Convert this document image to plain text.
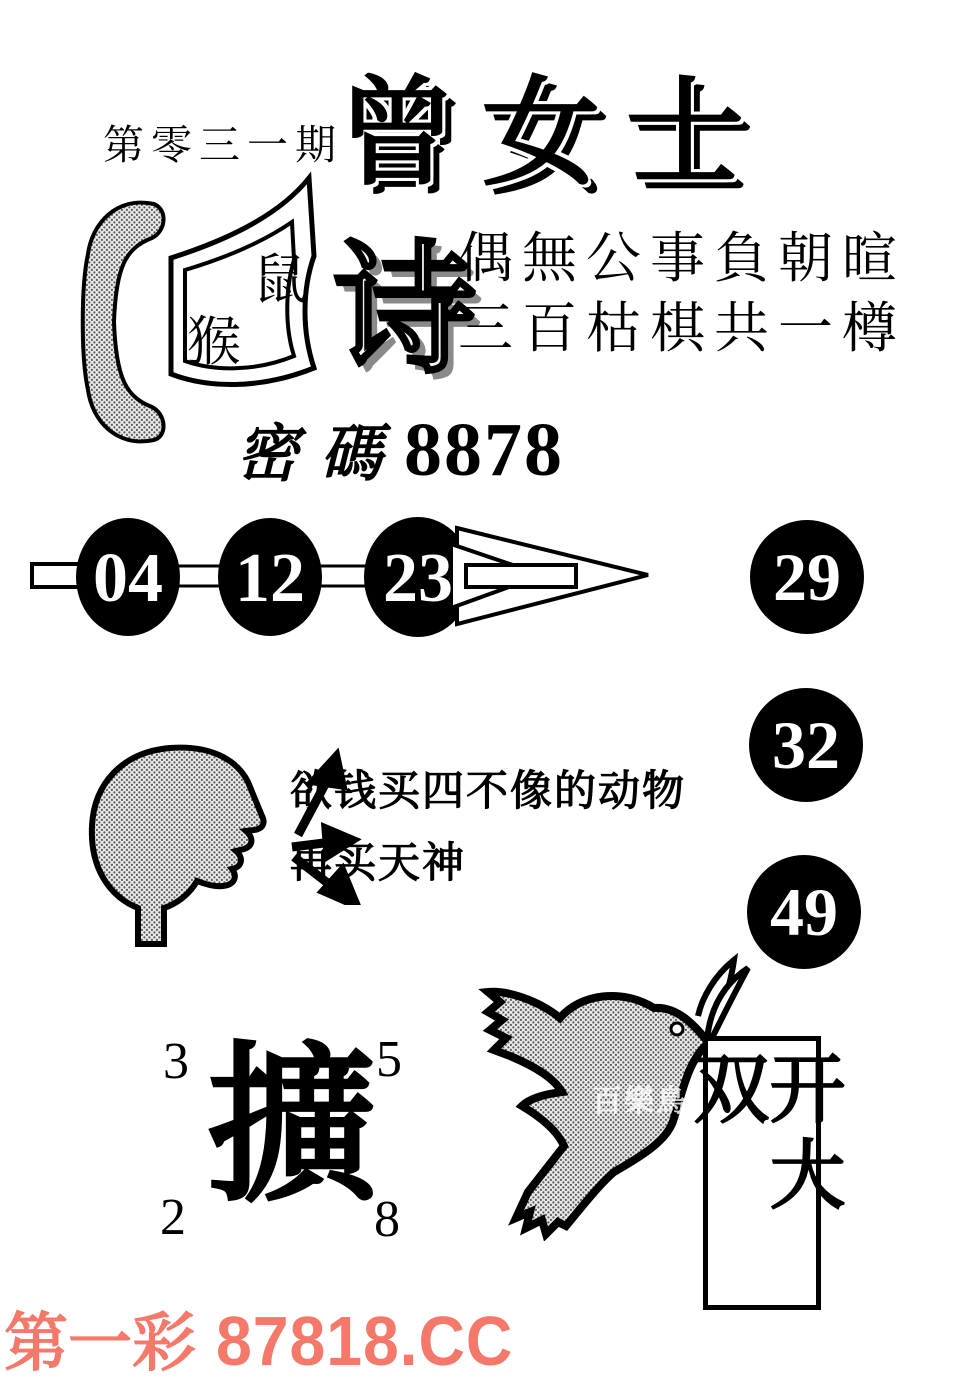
第零三一期
曾女士
鼠
猴 诗
偶無公事負朝暄
三百枯棋共一樽
密碼 8878
04 12 23	29
32
49
欲钱买四不像的动物
再买天神
3	5
2	8
擴	百樂鳥 开大双
第一彩 87818.CC
